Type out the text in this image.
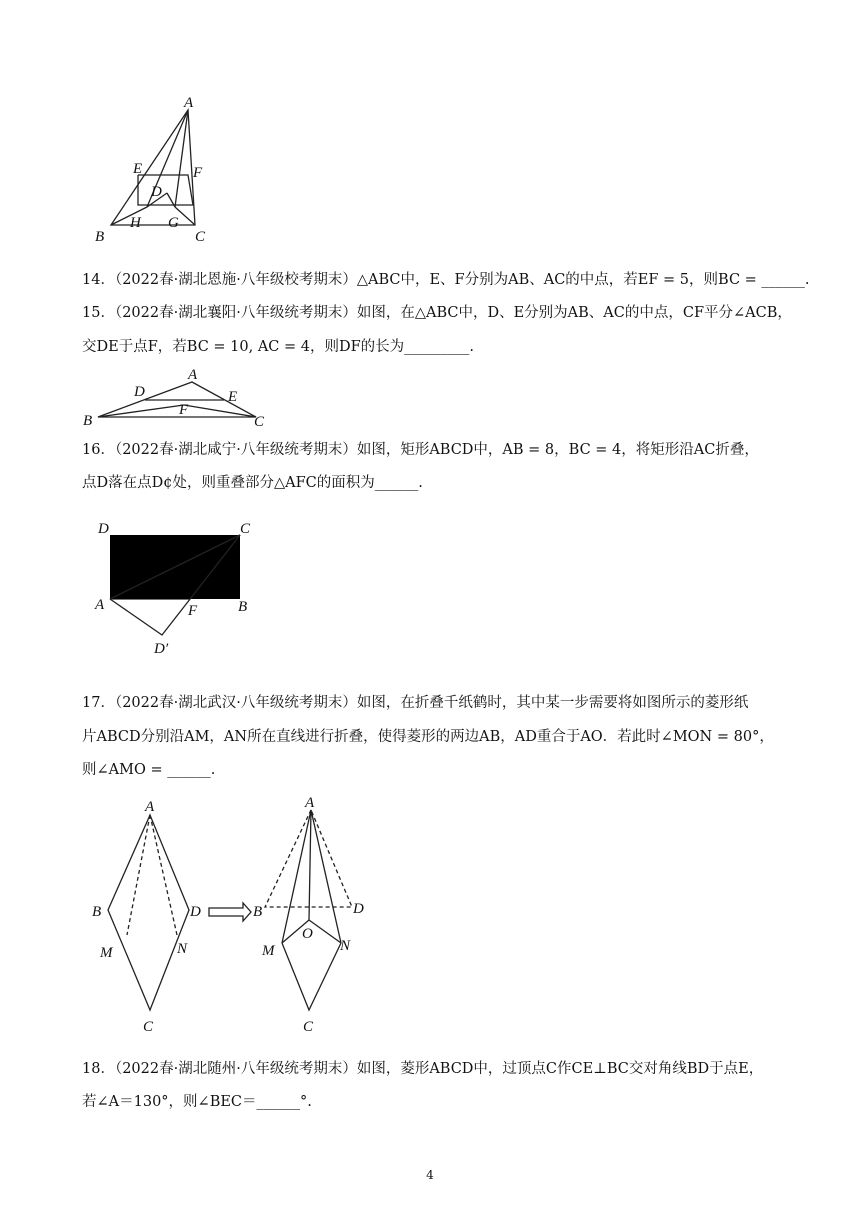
A
E	F
D
H G
B	C
14．（2022春·湖北恩施·八年级校考期末）△ABC中，E、F分别为AB、AC的中点，若EF = 5，则BC = ______.
15．（2022春·湖北襄阳·八年级统考期末）如图，在△ABC中，D、E分别为AB、AC的中点，CF平分∠ACB，
交DE于点F，若BC = 10, AC = 4，则DF的长为_________.
A
D	E
F
B	C
16．（2022春·湖北咸宁·八年级统考期末）如图，矩形ABCD中，AB = 8，BC = 4，将矩形沿AC折叠，
点D落在点D¢处，则重叠部分△AFC的面积为______.
D	C
A	F	B
D′
17．（2022春·湖北武汉·八年级统考期末）如图，在折叠千纸鹤时，其中某一步需要将如图所示的菱形纸
片ABCD分别沿AM，AN所在直线进行折叠，使得菱形的两边AB，AD重合于AO．若此时∠MON = 80°，
则∠AMO = ______.
A
B	D
M	N
C
A
B	D
O
M	N
C
18．（2022春·湖北随州·八年级统考期末）如图，菱形ABCD中，过顶点C作CE⊥BC交对角线BD于点E，
若∠A＝130°，则∠BEC＝______°.
4
